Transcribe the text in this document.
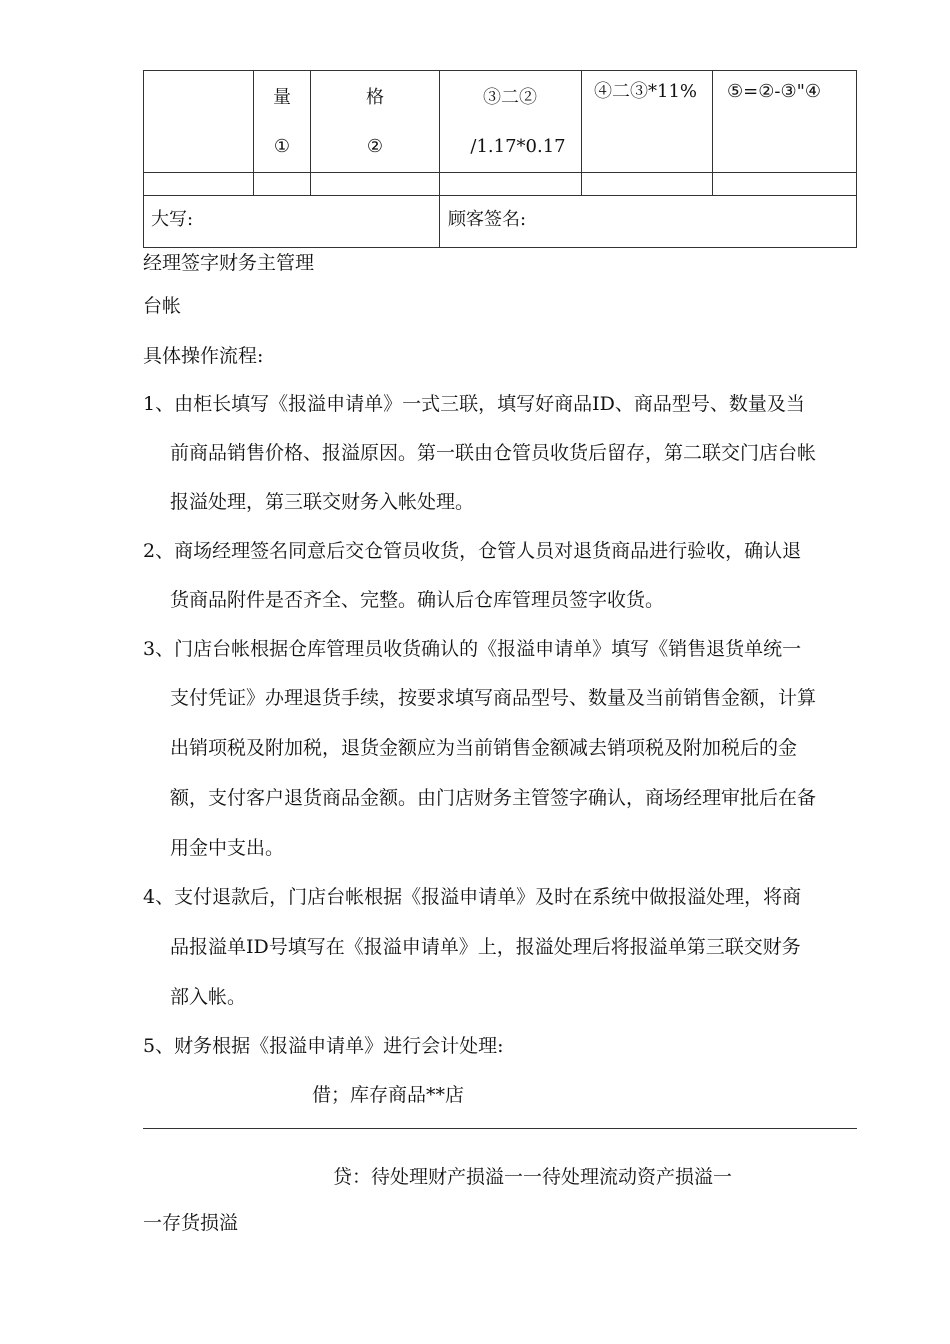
量
①
格
②
③二②
/1.17*0.17
④二③*11% ⑤=②-③"④
大写:	顾客签名:
经理签字财务主管理
台帐
具体操作流程:
1、由柜长填写《报溢申请单》一式三联，填写好商品ID、商品型号、数量及当
前商品销售价格、报溢原因。第一联由仓管员收货后留存，第二联交门店台帐
报溢处理，第三联交财务入帐处理。
2、商场经理签名同意后交仓管员收货，仓管人员对退货商品进行验收，确认退
货商品附件是否齐全、完整。确认后仓库管理员签字收货。
3、门店台帐根据仓库管理员收货确认的《报溢申请单》填写《销售退货单统一
支付凭证》办理退货手续，按要求填写商品型号、数量及当前销售金额，计算
出销项税及附加税，退货金额应为当前销售金额减去销项税及附加税后的金
额，支付客户退货商品金额。由门店财务主管签字确认，商场经理审批后在备
用金中支出。
4、支付退款后，门店台帐根据《报溢申请单》及时在系统中做报溢处理，将商
品报溢单ID号填写在《报溢申请单》上，报溢处理后将报溢单第三联交财务
部入帐。
5、财务根据《报溢申请单》进行会计处理:
借；库存商品**店
贷：待处理财产损溢一一待处理流动资产损溢一
一存货损溢
